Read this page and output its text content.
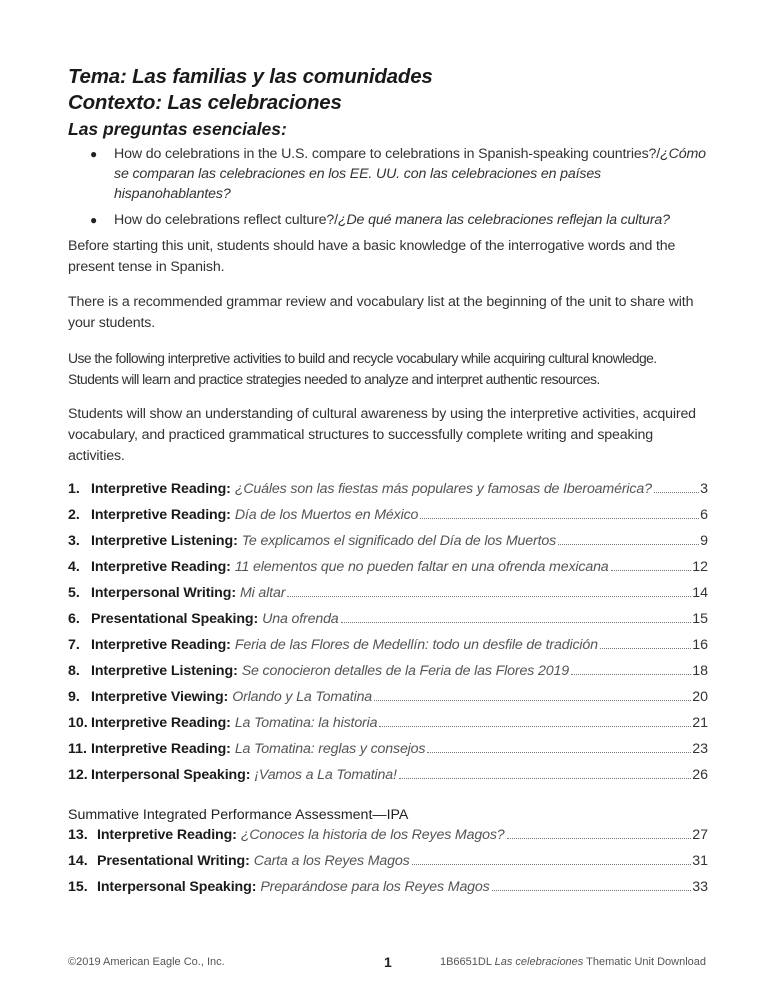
Tema: Las familias y las comunidades
Contexto: Las celebraciones
Las preguntas esenciales:
● How do celebrations in the U.S. compare to celebrations in Spanish-speaking countries?/¿Cómo se comparan las celebraciones en los EE. UU. con las celebraciones en países hispanohablantes?
● How do celebrations reflect culture?/¿De qué manera las celebraciones reflejan la cultura?

Before starting this unit, students should have a basic knowledge of the interrogative words and the present tense in Spanish.

There is a recommended grammar review and vocabulary list at the beginning of the unit to share with your students.

Use the following interpretive activities to build and recycle vocabulary while acquiring cultural knowledge. Students will learn and practice strategies needed to analyze and interpret authentic resources.

Students will show an understanding of cultural awareness by using the interpretive activities, acquired vocabulary, and practiced grammatical structures to successfully complete writing and speaking activities.

1. Interpretive Reading: ¿Cuáles son las fiestas más populares y famosas de Iberoamérica?	3
2. Interpretive Reading: Día de los Muertos en México	6
3. Interpretive Listening: Te explicamos el significado del Día de los Muertos	9
4. Interpretive Reading: 11 elementos que no pueden faltar en una ofrenda mexicana	12
5. Interpersonal Writing: Mi altar	14
6. Presentational Speaking: Una ofrenda	15
7. Interpretive Reading: Feria de las Flores de Medellín: todo un desfile de tradición	16
8. Interpretive Listening: Se conocieron detalles de la Feria de las Flores 2019	18
9. Interpretive Viewing: Orlando y La Tomatina	20
10. Interpretive Reading: La Tomatina: la historia	21
11. Interpretive Reading: La Tomatina: reglas y consejos	23
12. Interpersonal Speaking: ¡Vamos a La Tomatina!	26
Summative Integrated Performance Assessment—IPA
13. Interpretive Reading: ¿Conoces la historia de los Reyes Magos?	27
14. Presentational Writing: Carta a los Reyes Magos	31
15. Interpersonal Speaking: Preparándose para los Reyes Magos	33
©2019 American Eagle Co., Inc.	1	1B6651DL Las celebraciones Thematic Unit Download
